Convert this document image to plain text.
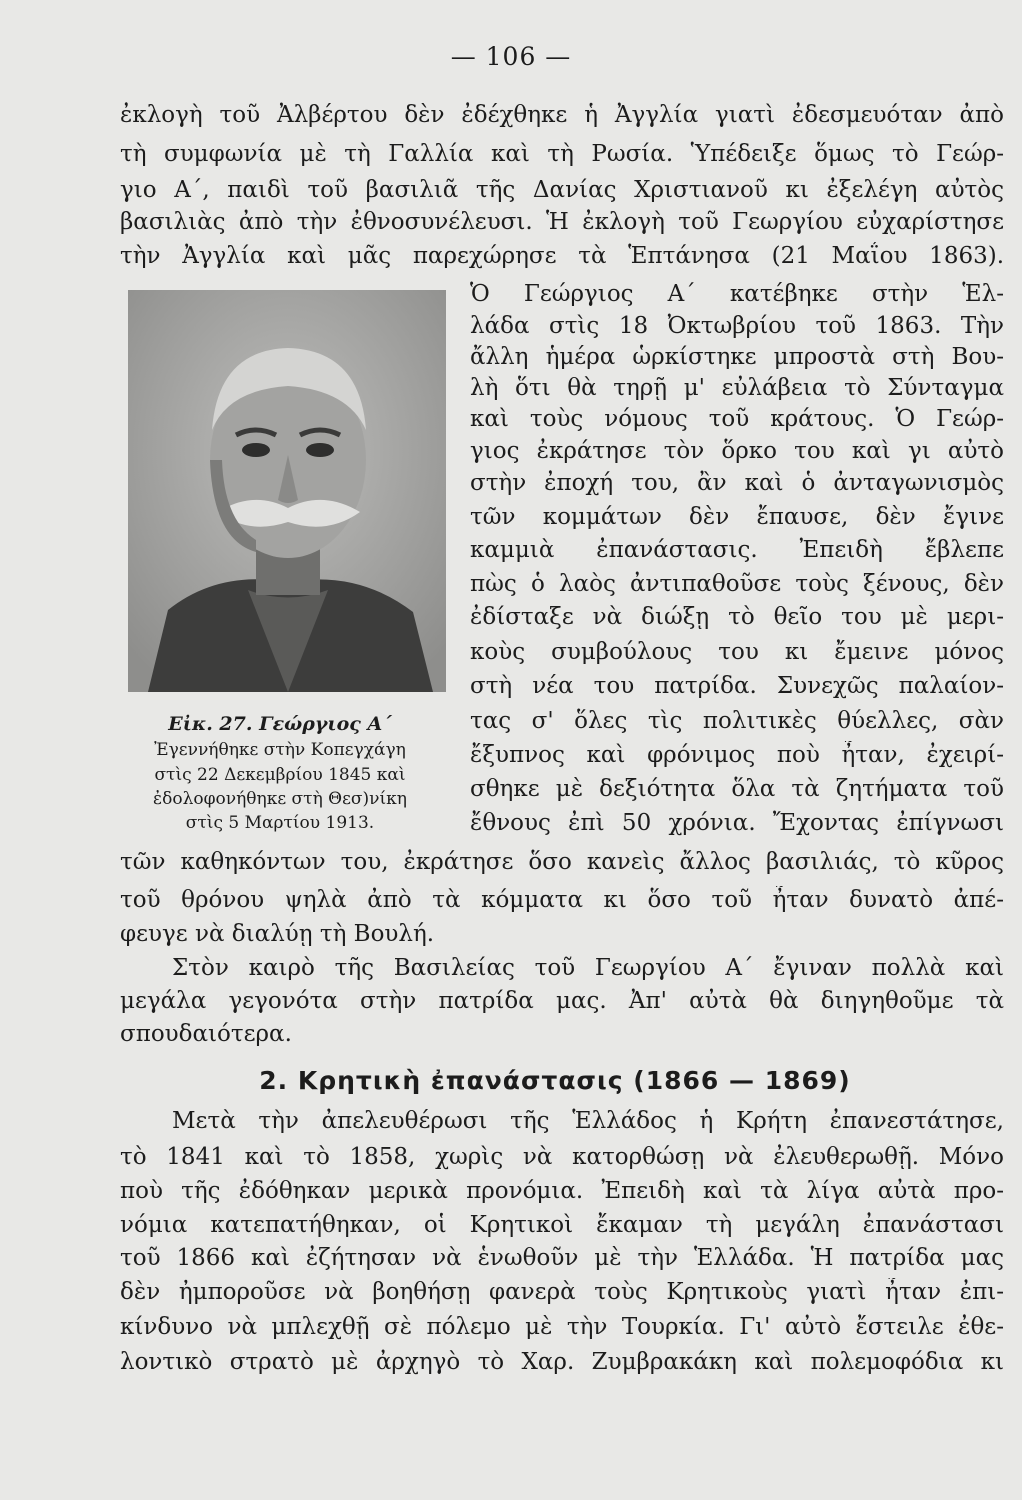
— 106 —
ἐκλογὴ τοῦ Ἀλβέρτου δὲν ἐδέχθηκε ἡ Ἀγγλία γιατὶ ἐδεσμευόταν ἀπὸ
τὴ συμφωνία μὲ τὴ Γαλλία καὶ τὴ Ρωσία. Ὑπέδειξε ὅμως τὸ Γεώρ-
γιο Α΄, παιδὶ τοῦ βασιλιᾶ τῆς Δανίας Χριστιανοῦ κι ἐξελέγη αὐτὸς
βασιλιὰς ἀπὸ τὴν ἐθνοσυνέλευσι. Ἡ ἐκλογὴ τοῦ Γεωργίου εὐχαρίστησε
τὴν Ἀγγλία καὶ μᾶς παρεχώρησε τὰ Ἑπτάνησα (21 Μαΐου 1863).
Ὁ Γεώργιος Α΄ κατέβηκε στὴν Ἑλ-
λάδα στὶς 18 Ὀκτωβρίου τοῦ 1863. Τὴν
ἄλλη ἡμέρα ὡρκίστηκε μπροστὰ στὴ Βου-
λὴ ὅτι θὰ τηρῇ μ' εὐλάβεια τὸ Σύνταγμα
καὶ τοὺς νόμους τοῦ κράτους. Ὁ Γεώρ-
γιος ἐκράτησε τὸν ὅρκο του καὶ γι αὐτὸ
στὴν ἐποχή του, ἂν καὶ ὁ ἀνταγωνισμὸς
τῶν κομμάτων δὲν ἔπαυσε, δὲν ἔγινε
καμμιὰ ἐπανάστασις. Ἐπειδὴ ἔβλεπε
πὼς ὁ λαὸς ἀντιπαθοῦσε τοὺς ξένους, δὲν
ἐδίσταξε νὰ διώξῃ τὸ θεῖο του μὲ μερι-
κοὺς συμβούλους του κι ἔμεινε μόνος
στὴ νέα του πατρίδα. Συνεχῶς παλαίον-
τας σ' ὅλες τὶς πολιτικὲς θύελλες, σὰν
ἔξυπνος καὶ φρόνιμος ποὺ ἦταν, ἐχειρί-
σθηκε μὲ δεξιότητα ὅλα τὰ ζητήματα τοῦ
ἔθνους ἐπὶ 50 χρόνια. Ἔχοντας ἐπίγνωσι
Εἰκ. 27. Γεώργιος Α΄
Ἐγεννήθηκε στὴν Κοπεγχάγη
στὶς 22 Δεκεμβρίου 1845 καὶ
ἐδολοφονήθηκε στὴ Θεσ)νίκη
στὶς 5 Μαρτίου 1913.
τῶν καθηκόντων του, ἐκράτησε ὅσο κανεὶς ἄλλος βασιλιάς, τὸ κῦρος
τοῦ θρόνου ψηλὰ ἀπὸ τὰ κόμματα κι ὅσο τοῦ ἦταν δυνατὸ ἀπέ-
φευγε νὰ διαλύῃ τὴ Βουλή.
Στὸν καιρὸ τῆς Βασιλείας τοῦ Γεωργίου Α΄ ἔγιναν πολλὰ καὶ
μεγάλα γεγονότα στὴν πατρίδα μας. Ἀπ' αὐτὰ θὰ διηγηθοῦμε τὰ
σπουδαιότερα.
2. Κρητικὴ ἐπανάστασις (1866 — 1869)
Μετὰ τὴν ἀπελευθέρωσι τῆς Ἑλλάδος ἡ Κρήτη ἐπανεστάτησε,
τὸ 1841 καὶ τὸ 1858, χωρὶς νὰ κατορθώσῃ νὰ ἐλευθερωθῇ. Μόνο
ποὺ τῆς ἐδόθηκαν μερικὰ προνόμια. Ἐπειδὴ καὶ τὰ λίγα αὐτὰ προ-
νόμια κατεπατήθηκαν, οἱ Κρητικοὶ ἔκαμαν τὴ μεγάλη ἐπανάστασι
τοῦ 1866 καὶ ἐζήτησαν νὰ ἑνωθοῦν μὲ τὴν Ἑλλάδα. Ἡ πατρίδα μας
δὲν ἠμποροῦσε νὰ βοηθήσῃ φανερὰ τοὺς Κρητικοὺς γιατὶ ἦταν ἐπι-
κίνδυνο νὰ μπλεχθῇ σὲ πόλεμο μὲ τὴν Τουρκία. Γι' αὐτὸ ἔστειλε ἐθε-
λοντικὸ στρατὸ μὲ ἀρχηγὸ τὸ Χαρ. Ζυμβρακάκη καὶ πολεμοφόδια κι
